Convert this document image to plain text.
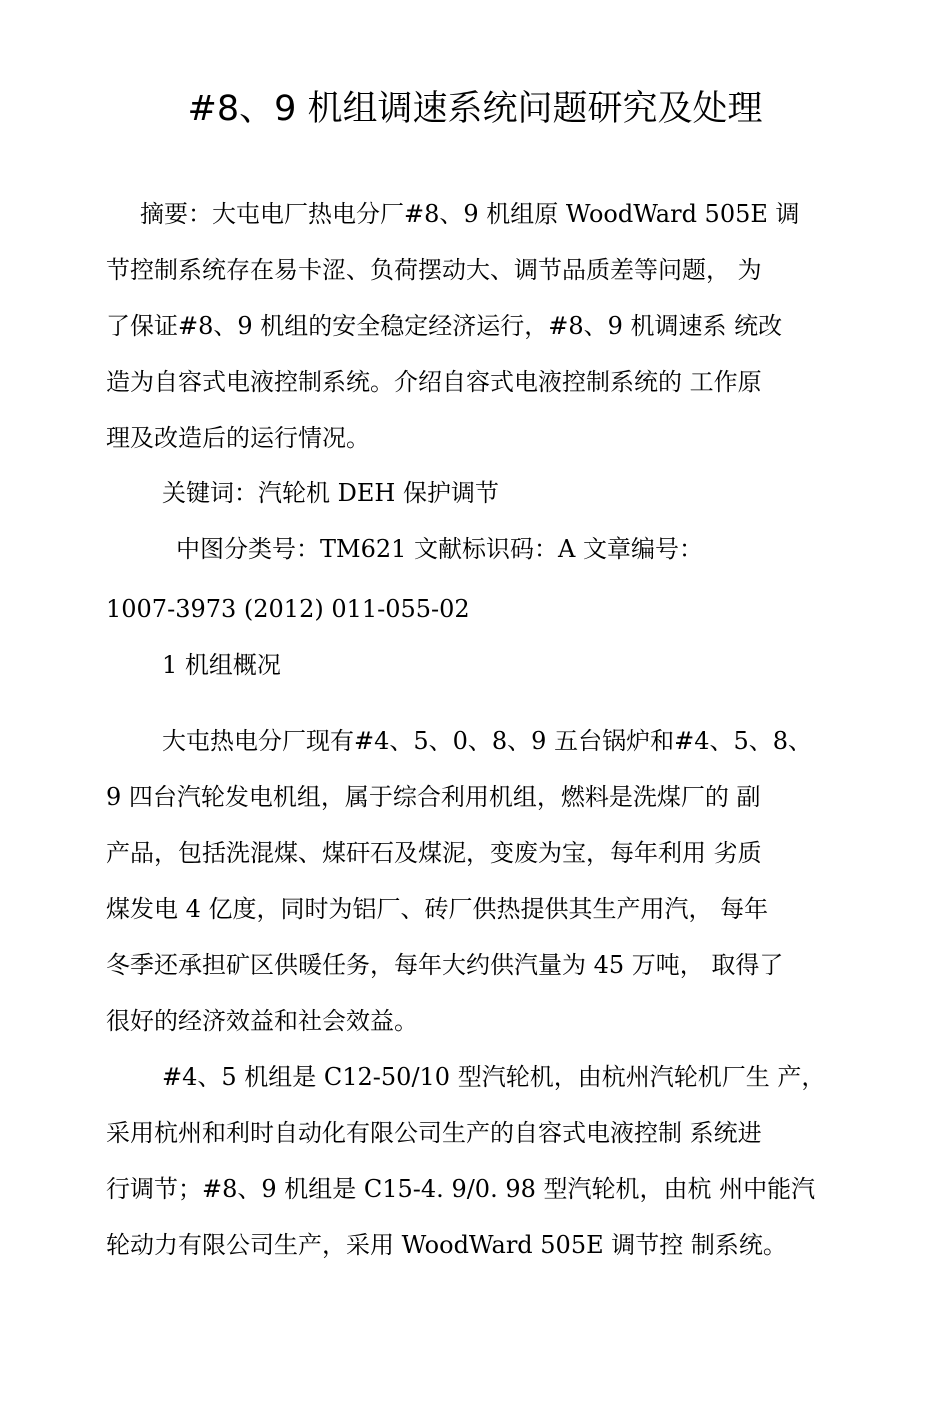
#8、9 机组调速系统问题研究及处理
摘要：大屯电厂热电分厂#8、9 机组原 WoodWard 505E 调
节控制系统存在易卡涩、负荷摆动大、调节品质差等问题， 为
了保证#8、9 机组的安全稳定经济运行，#8、9 机调速系 统改
造为自容式电液控制系统。介绍自容式电液控制系统的 工作原
理及改造后的运行情况。
关键词：汽轮机 DEH 保护调节
中图分类号：TM621 文献标识码：A 文章编号：
1007-3973 (2012) 011-055-02
1 机组概况
大屯热电分厂现有#4、5、0、8、9 五台锅炉和#4、5、8、
9 四台汽轮发电机组，属于综合利用机组，燃料是洗煤厂的 副
产品，包括洗混煤、煤矸石及煤泥，变废为宝，每年利用 劣质
煤发电 4 亿度，同时为铝厂、砖厂供热提供其生产用汽， 每年
冬季还承担矿区供暖任务，每年大约供汽量为 45 万吨， 取得了
很好的经济效益和社会效益。
#4、5 机组是 C12-50/10 型汽轮机，由杭州汽轮机厂生 产，
采用杭州和利时自动化有限公司生产的自容式电液控制 系统进
行调节；#8、9 机组是 C15-4. 9/0. 98 型汽轮机，由杭 州中能汽
轮动力有限公司生产，采用 WoodWard 505E 调节控 制系统。
